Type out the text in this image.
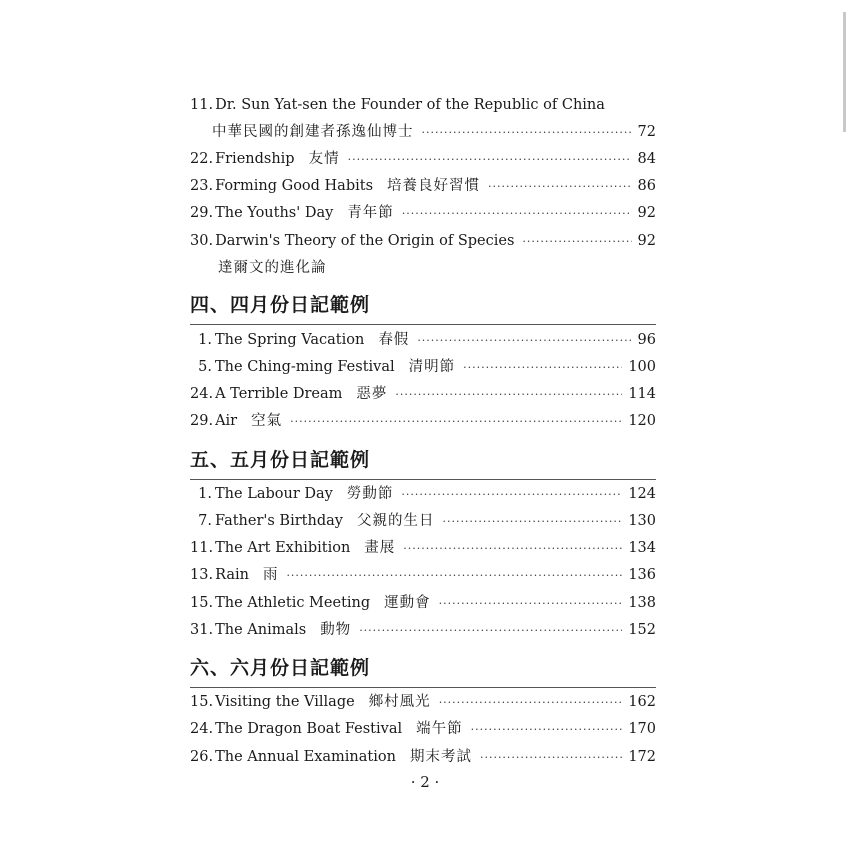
11. Dr. Sun Yat-sen the Founder of the Republic of China
中華民國的創建者孫逸仙博士 ·····	72
22. Friendship 友情 ·····	84
23. Forming Good Habits 培養良好習慣 ·····	86
29. The Youths' Day 青年節 ·····	92
30. Darwin's Theory of the Origin of Species ·····	92
達爾文的進化論
四、四月份日記範例
1. The Spring Vacation 春假 ·····	96
5. The Ching-ming Festival 清明節 ·····	100
24. A Terrible Dream 惡夢 ·····	114
29. Air 空氣 ·····	120
五、五月份日記範例
1. The Labour Day 勞動節 ·····	124
7. Father's Birthday 父親的生日 ·····	130
11. The Art Exhibition 畫展 ·····	134
13. Rain 雨 ·····	136
15. The Athletic Meeting 運動會 ·····	138
31. The Animals 動物 ·····	152
六、六月份日記範例
15. Visiting the Village 鄉村風光 ·····	162
24. The Dragon Boat Festival 端午節 ·····	170
26. The Annual Examination 期末考試 ·····	172
· 2 ·
